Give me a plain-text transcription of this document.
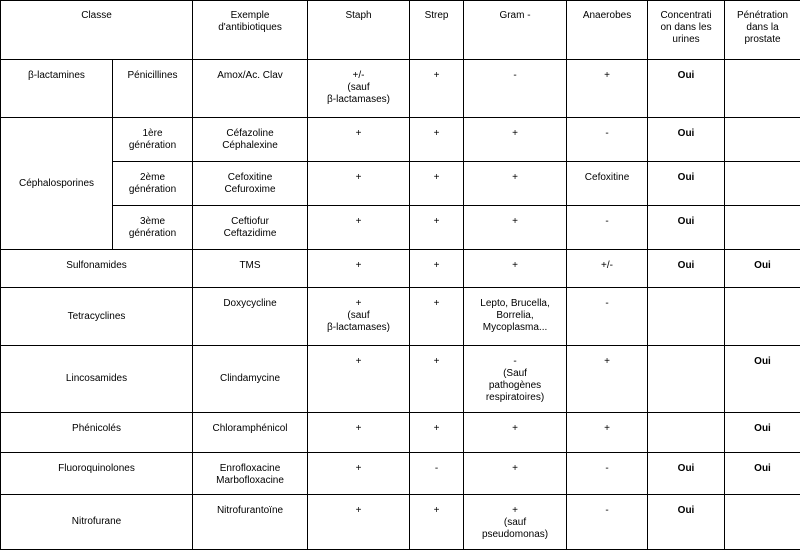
Classe		Exemple
d'antibiotiques	Staph	Strep	Gram -	Anaerobes	Concentrati
on dans les
urines	Pénétration
dans la
prostate
β-lactamines	Pénicillines	Amox/Ac. Clav	+/-
(sauf
β-lactamases)	+	-	+	Oui	
Céphalosporines	1ère
génération	Céfazoline
Céphalexine	+	+	+	-	Oui	
	2ème
génération	Cefoxitine
Cefuroxime	+	+	+	Cefoxitine	Oui	
	3ème
génération	Ceftiofur
Ceftazidime	+	+	+	-	Oui	
Sulfonamides		TMS	+	+	+	+/-	Oui	Oui
Tetracyclines		Doxycycline	+
(sauf
β-lactamases)	+	Lepto, Brucella,
Borrelia,
Mycoplasma...	-		
Lincosamides		Clindamycine	+	+	-
(Sauf
pathogènes
respiratoires)	+		Oui
Phénicolés		Chloramphénicol	+	+	+	+		Oui
Fluoroquinolones		Enrofloxacine
Marbofloxacine	+	-	+	-	Oui	Oui
Nitrofurane		Nitrofurantoïne	+	+	+
(sauf
pseudomonas)	-	Oui	
